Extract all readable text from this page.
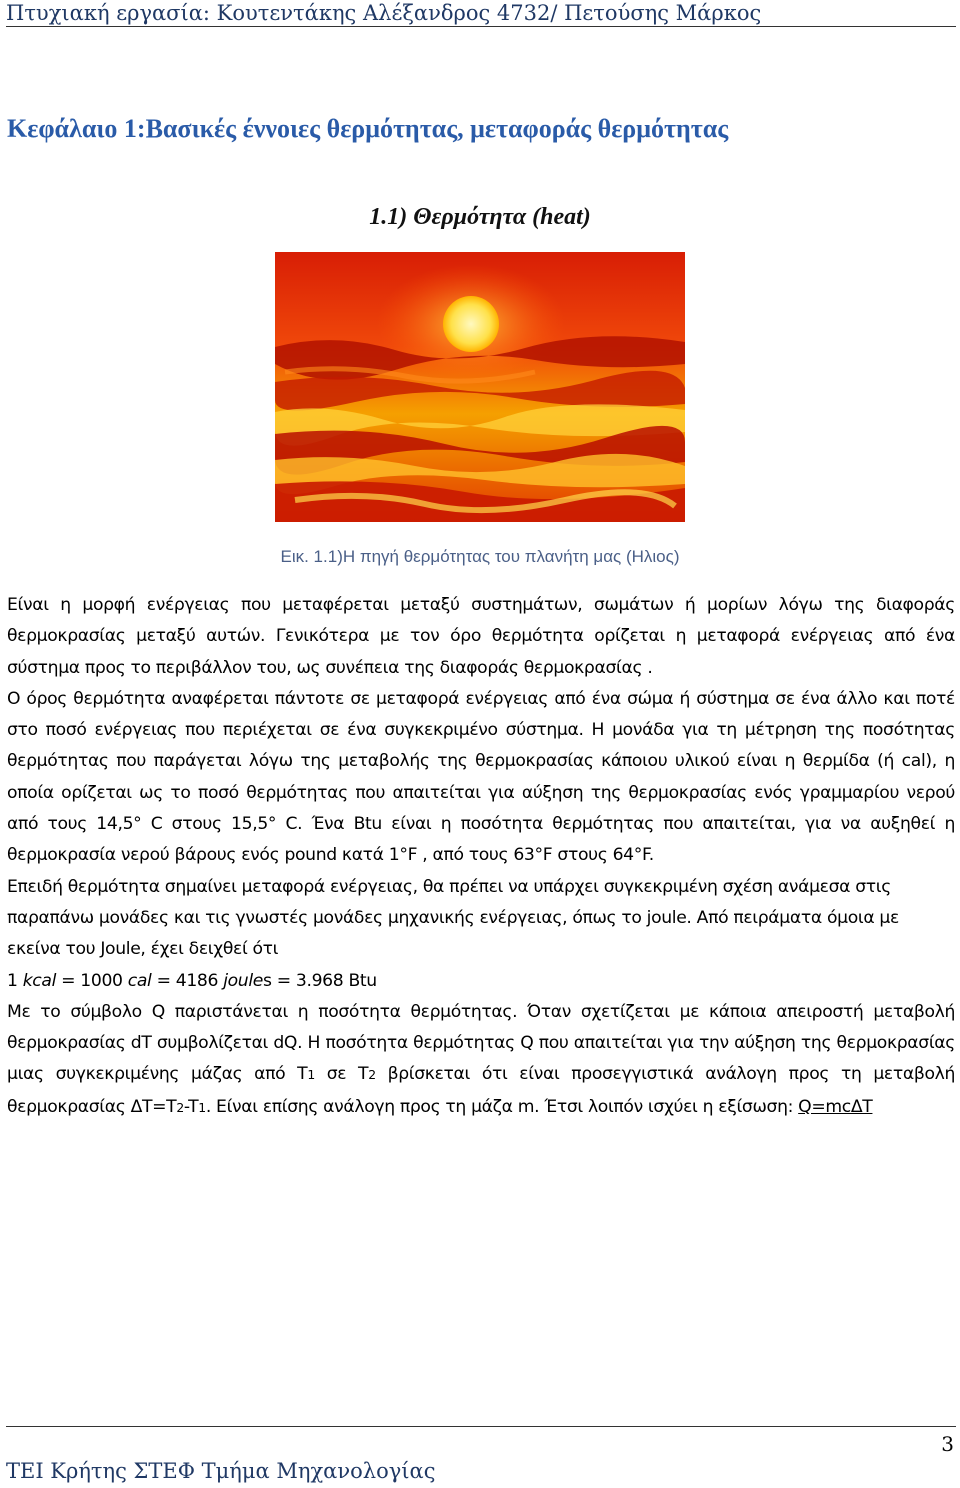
Πτυχιακή εργασία: Κουτεντάκης Αλέξανδρος 4732/ Πετούσης Μάρκος
Κεφάλαιο 1:Βασικές έννοιες θερμότητας, μεταφοράς θερμότητας
1.1) Θερμότητα (heat)
Εικ. 1.1)Η πηγή θερμότητας του πλανήτη μας (Ηλιος)

Είναι η μορφή ενέργειας που μεταφέρεται μεταξύ συστημάτων, σωμάτων ή μορίων λόγω της διαφοράς θερμοκρασίας μεταξύ αυτών. Γενικότερα με τον όρο θερμότητα ορίζεται η μεταφορά ενέργειας από ένα σύστημα προς το περιβάλλον του, ως συνέπεια της διαφοράς θερμοκρασίας .

Ο όρος θερμότητα αναφέρεται πάντοτε σε μεταφορά ενέργειας από ένα σώμα ή σύστημα σε ένα άλλο και ποτέ στο ποσό ενέργειας που περιέχεται σε ένα συγκεκριμένο σύστημα. Η μονάδα για τη μέτρηση της ποσότητας θερμότητας που παράγεται λόγω της μεταβολής της θερμοκρασίας κάποιου υλικού είναι η θερμίδα (ή cal), η οποία ορίζεται ως το ποσό θερμότητας που απαιτείται για αύξηση της θερμοκρασίας ενός γραμμαρίου νερού από τους 14,5° C στους 15,5° C. Ένα Btu είναι η ποσότητα θερμότητας που απαιτείται, για να αυξηθεί η θερμοκρασία νερού βάρους ενός pound κατά 1°F , από τους 63°F στους 64°F.

Επειδή θερμότητα σημαίνει μεταφορά ενέργειας, θα πρέπει να υπάρχει συγκεκριμένη σχέση ανάμεσα στις παραπάνω μονάδες και τις γνωστές μονάδες μηχανικής ενέργειας, όπως το joule. Από πειράματα όμοια με εκείνα του Joule, έχει δειχθεί ότι

1 kcal = 1000 cal = 4186 joules = 3.968 Btu

Με το σύμβολο Q παριστάνεται η ποσότητα θερμότητας. Όταν σχετίζεται με κάποια απειροστή μεταβολή θερμοκρασίας dT συμβολίζεται dQ. Η ποσότητα θερμότητας Q που απαιτείται για την αύξηση της θερμοκρασίας μιας συγκεκριμένης μάζας από T1 σε T2 βρίσκεται ότι είναι προσεγγιστικά ανάλογη προς τη μεταβολή θερμοκρασίας ΔT=T2-T1. Είναι επίσης ανάλογη προς τη μάζα m. Έτσι λοιπόν ισχύει η εξίσωση: Q=mcΔT

3
ΤΕΙ Κρήτης ΣΤΕΦ Τμήμα Μηχανολογίας
